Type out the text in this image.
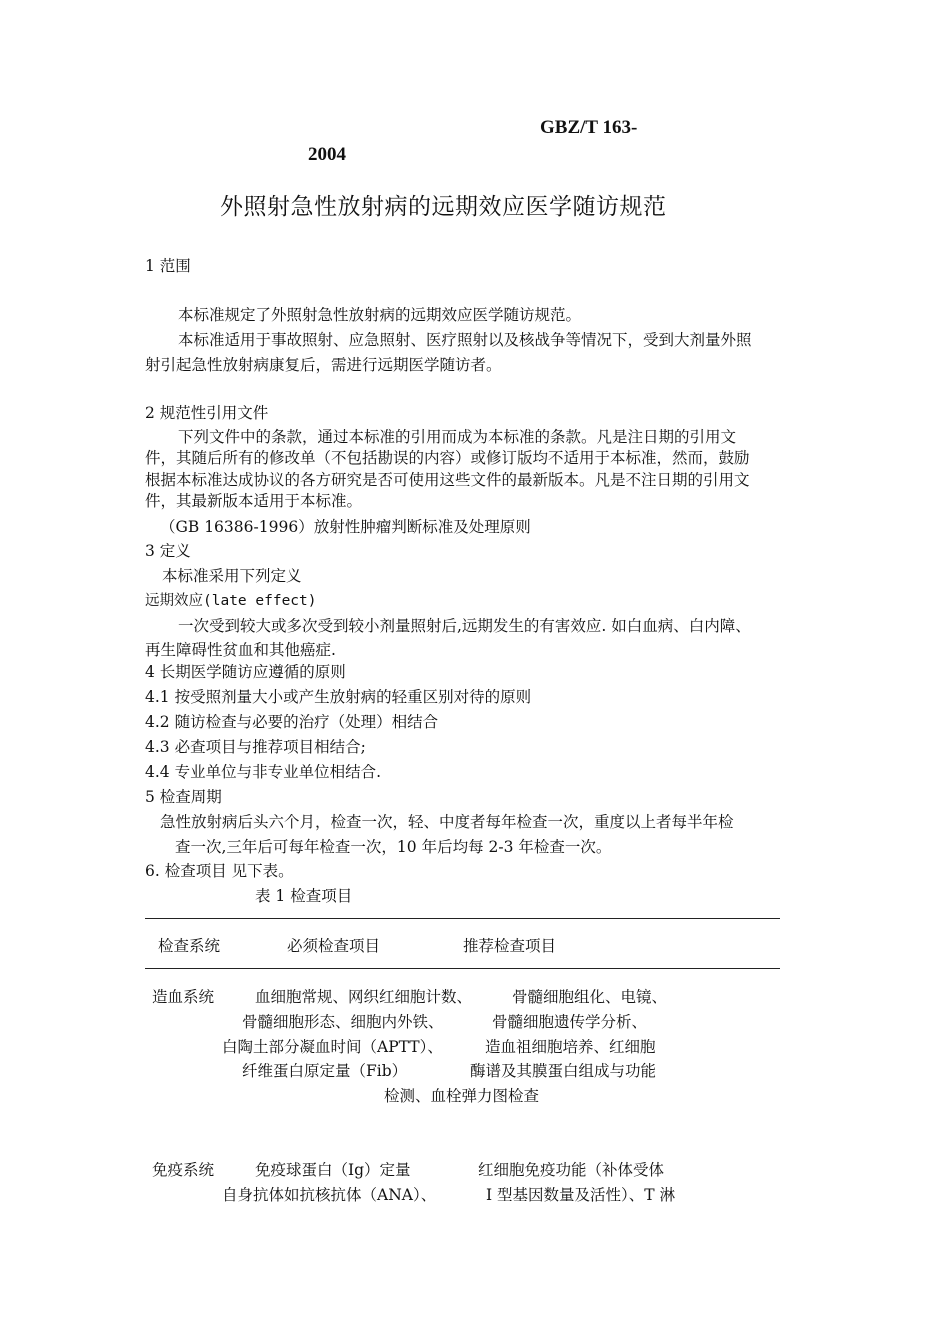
GBZ/T 163-
2004
外照射急性放射病的远期效应医学随访规范
1 范围
本标准规定了外照射急性放射病的远期效应医学随访规范。
本标准适用于事故照射、应急照射、医疗照射以及核战争等情况下，受到大剂量外照
射引起急性放射病康复后，需进行远期医学随访者。
2 规范性引用文件
下列文件中的条款，通过本标准的引用而成为本标准的条款。凡是注日期的引用文
件，其随后所有的修改单（不包括勘误的内容）或修订版均不适用于本标准，然而，鼓励
根据本标准达成协议的各方研究是否可使用这些文件的最新版本。凡是不注日期的引用文
件，其最新版本适用于本标准。
（GB 16386-1996）放射性肿瘤判断标准及处理原则
3 定义
本标准采用下列定义
远期效应(late effect)
一次受到较大或多次受到较小剂量照射后,远期发生的有害效应. 如白血病、白内障、
再生障碍性贫血和其他癌症.
4 长期医学随访应遵循的原则
4.1 按受照剂量大小或产生放射病的轻重区别对待的原则
4.2 随访检查与必要的治疗（处理）相结合
4.3 必查项目与推荐项目相结合;
4.4 专业单位与非专业单位相结合.
5 检查周期
急性放射病后头六个月，检查一次，轻、中度者每年检查一次，重度以上者每半年检
查一次,三年后可每年检查一次，10 年后均每 2-3 年检查一次。
6. 检查项目 见下表。
表 1 检查项目
检查系统	必须检查项目	推荐检查项目
造血系统	血细胞常规、网织红细胞计数、	骨髓细胞组化、电镜、
骨髓细胞形态、细胞内外铁、	骨髓细胞遗传学分析、
白陶土部分凝血时间（APTT）、	造血祖细胞培养、红细胞
纤维蛋白原定量（Fib）	酶谱及其膜蛋白组成与功能
检测、血栓弹力图检查
免疫系统	免疫球蛋白（Ig）定量	红细胞免疫功能（补体受体
自身抗体如抗核抗体（ANA）、	I 型基因数量及活性）、T 淋
